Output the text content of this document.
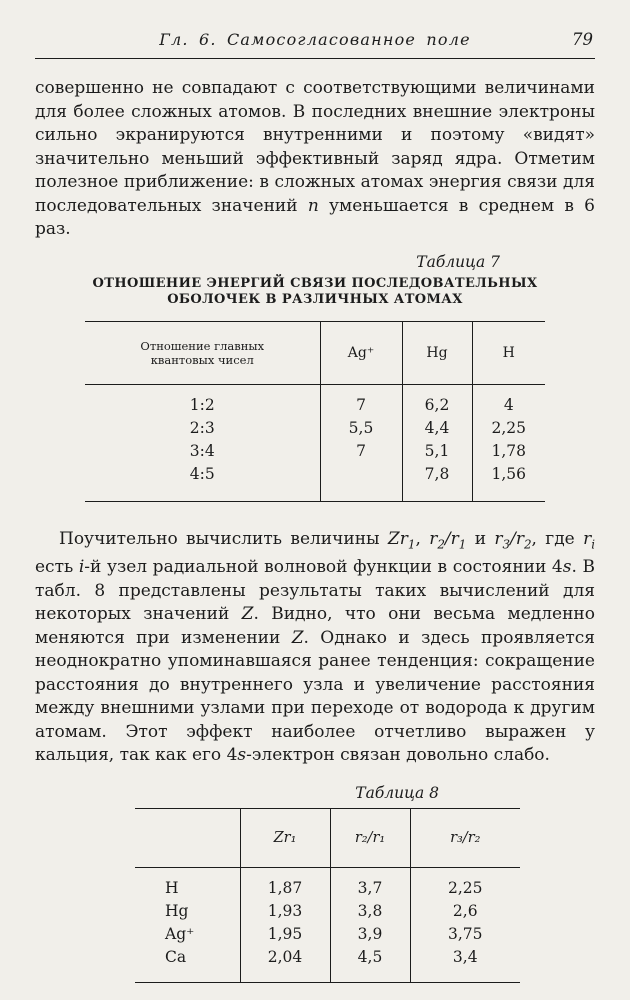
Гл. 6. Самосогласованное поле	79

совершенно не совпадают с соответствующими величинами для более сложных атомов. В последних внешние электроны сильно экранируются внутренними и поэтому «видят» значительно меньший эффективный заряд ядра. Отметим полезное приближение: в сложных атомах энергия связи для последовательных значений n уменьшается в среднем в 6 раз.

Таблица 7
ОТНОШЕНИЕ ЭНЕРГИЙ СВЯЗИ ПОСЛЕДОВАТЕЛЬНЫХ
ОБОЛОЧЕК В РАЗЛИЧНЫХ АТОМАХ
Отношение главных квантовых чисел	Ag⁺	Hg	H
1:2	7	6,2	4
2:3	5,5	4,4	2,25
3:4	7	5,1	1,78
4:5		7,8	1,56

Поучительно вычислить величины $Zr_1$, $r_2/r_1$ и $r_3/r_2$, где $r_i$ есть i-й узел радиальной волновой функции в состоянии 4s. В табл. 8 представлены результаты таких вычислений для некоторых значений Z. Видно, что они весьма медленно меняются при изменении Z. Однако и здесь проявляется неоднократно упоминавшаяся ранее тенденция: сокращение расстояния до внутреннего узла и увеличение расстояния между внешними узлами при переходе от водорода к другим атомам. Этот эффект наиболее отчетливо выражен у кальция, так как его 4s-электрон связан довольно слабо.

Таблица 8
	Zr₁	r₂/r₁	r₃/r₂
H	1,87	3,7	2,25
Hg	1,93	3,8	2,6
Ag⁺	1,95	3,9	3,75
Ca	2,04	4,5	3,4
